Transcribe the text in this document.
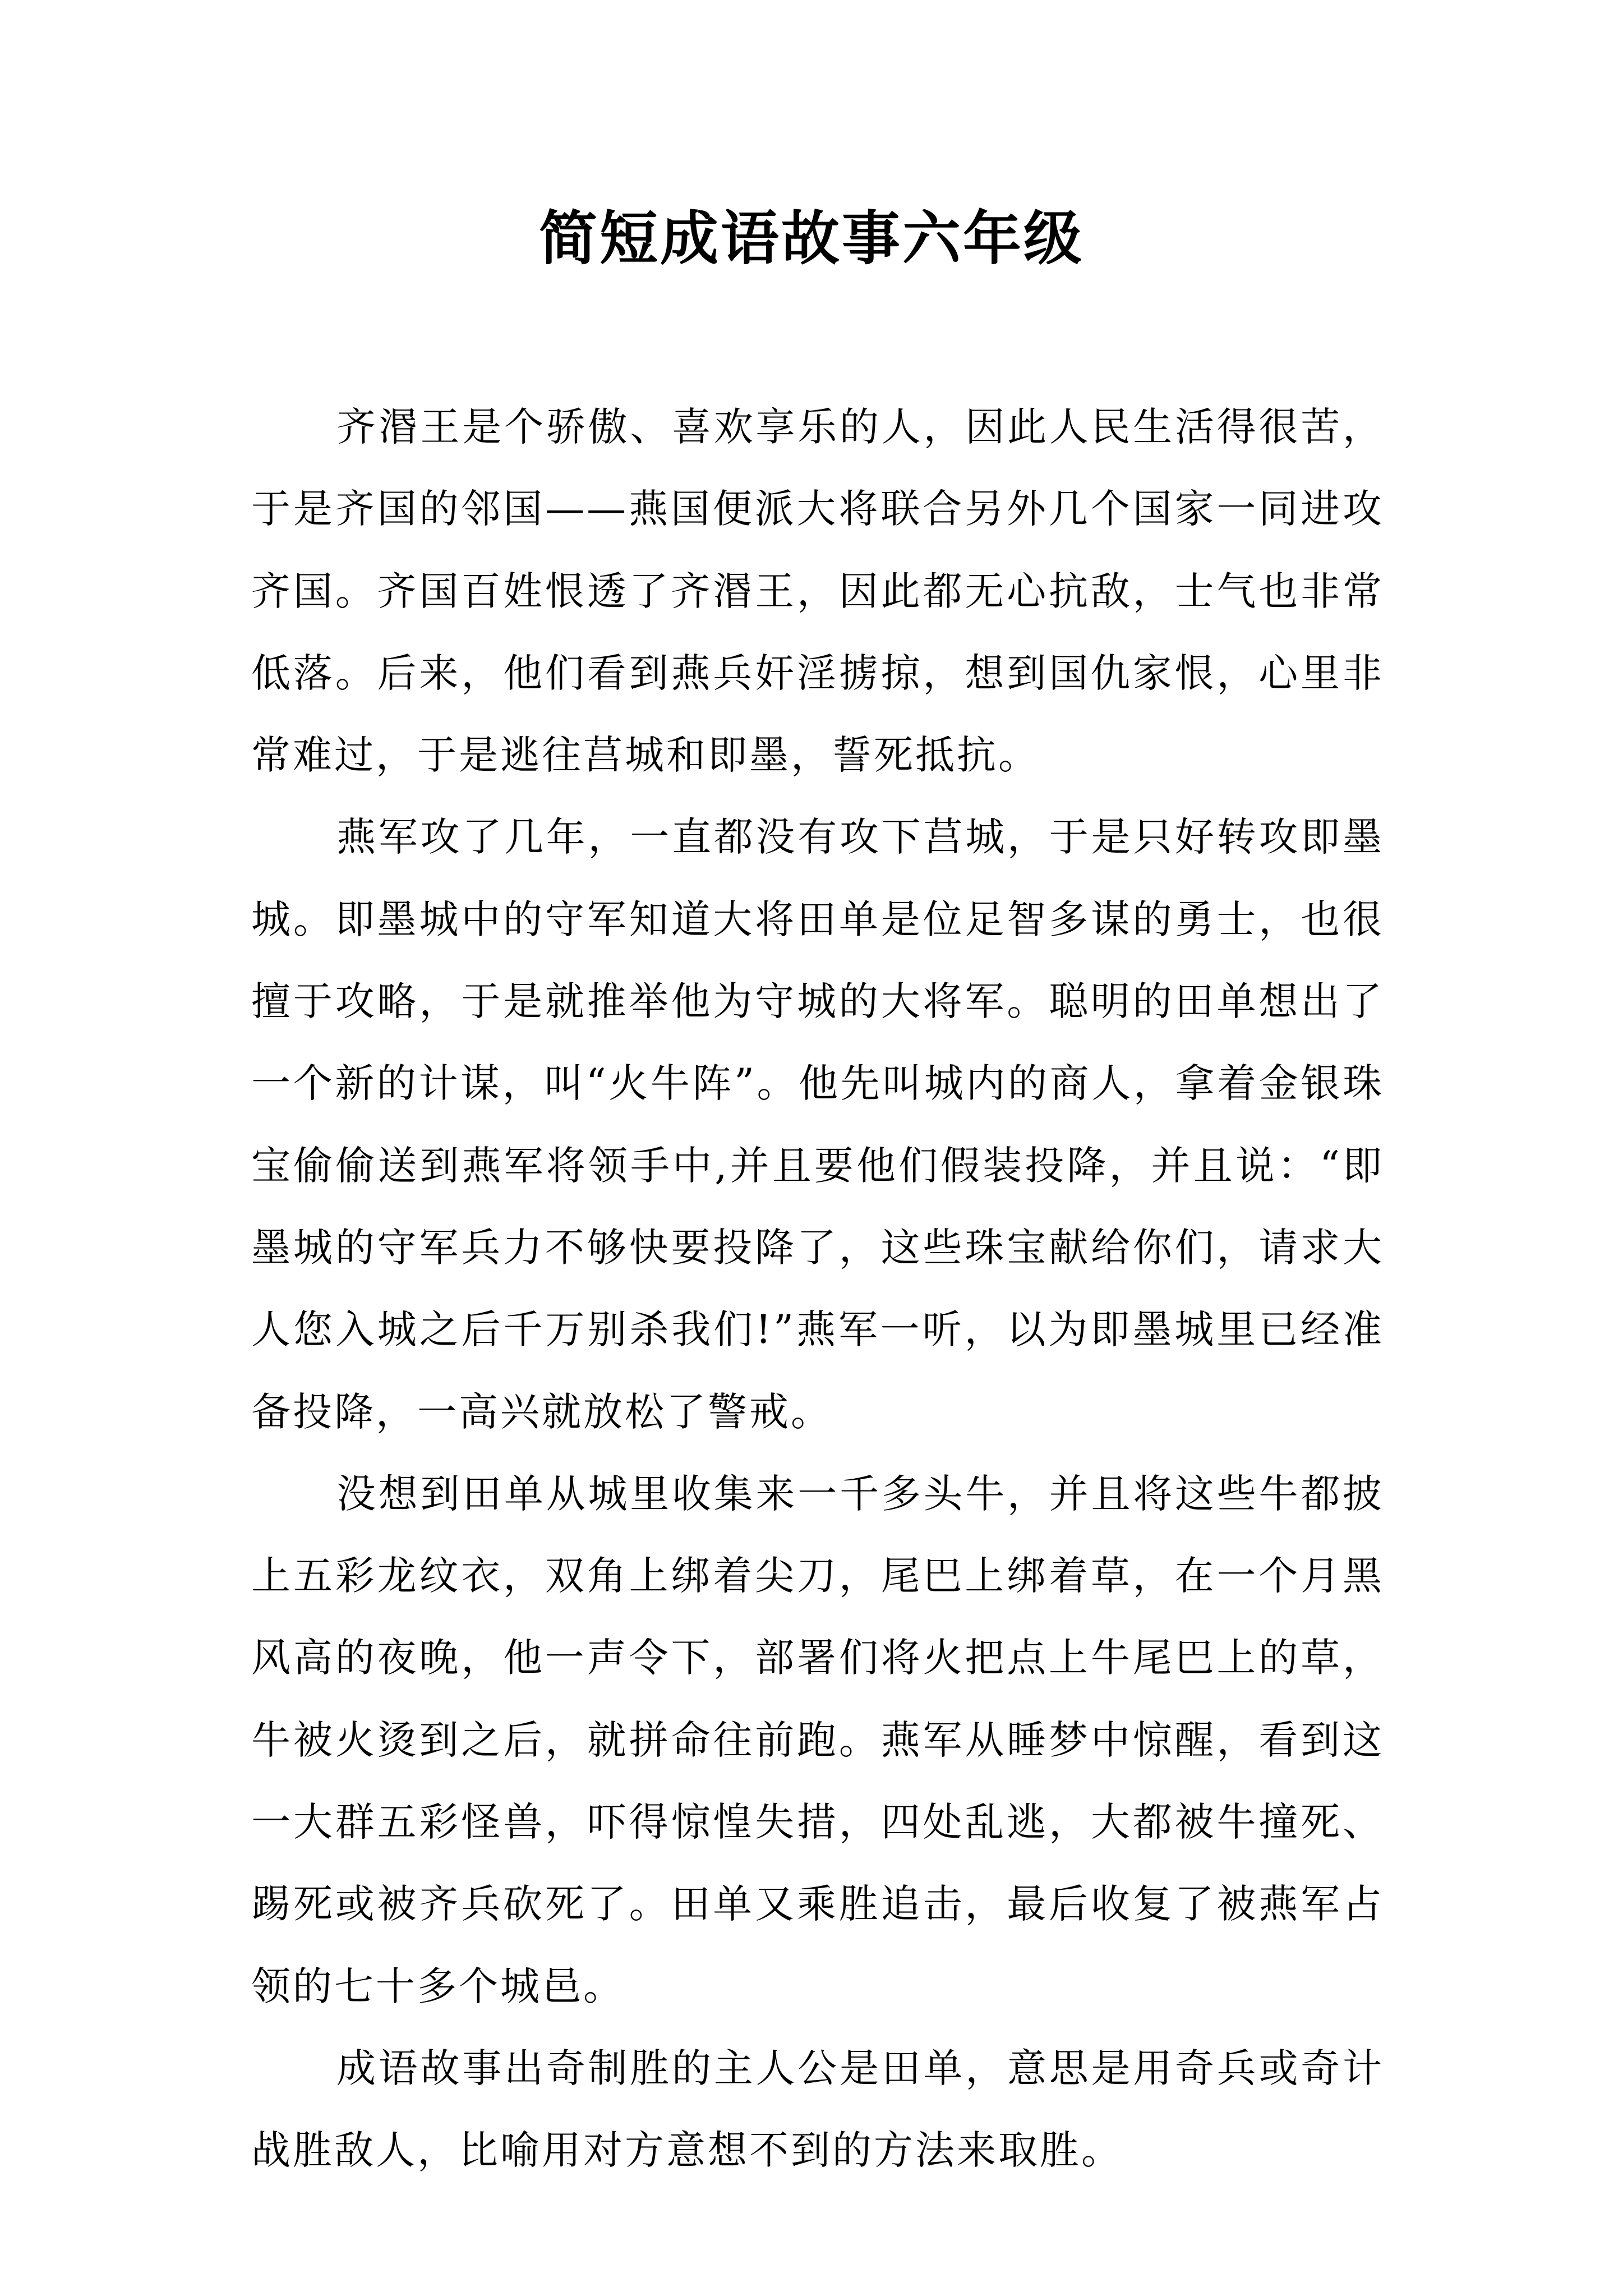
简短成语故事六年级

齐湣王是个骄傲、喜欢享乐的人，因此人民生活得很苦，于是齐国的邻国——燕国便派大将联合另外几个国家一同进攻齐国。齐国百姓恨透了齐湣王，因此都无心抗敌，士气也非常低落。后来，他们看到燕兵奸淫掳掠，想到国仇家恨，心里非常难过，于是逃往莒城和即墨，誓死抵抗。

燕军攻了几年，一直都没有攻下莒城，于是只好转攻即墨城。即墨城中的守军知道大将田单是位足智多谋的勇士，也很擅于攻略，于是就推举他为守城的大将军。聪明的田单想出了一个新的计谋，叫“火牛阵”。他先叫城内的商人，拿着金银珠宝偷偷送到燕军将领手中,并且要他们假装投降，并且说：“即墨城的守军兵力不够快要投降了，这些珠宝献给你们，请求大人您入城之后千万别杀我们!”燕军一听，以为即墨城里已经准备投降，一高兴就放松了警戒。

没想到田单从城里收集来一千多头牛，并且将这些牛都披上五彩龙纹衣，双角上绑着尖刀，尾巴上绑着草，在一个月黑风高的夜晚，他一声令下，部署们将火把点上牛尾巴上的草，牛被火烫到之后，就拼命往前跑。燕军从睡梦中惊醒，看到这一大群五彩怪兽，吓得惊惶失措，四处乱逃，大都被牛撞死、踢死或被齐兵砍死了。田单又乘胜追击，最后收复了被燕军占领的七十多个城邑。

成语故事出奇制胜的主人公是田单，意思是用奇兵或奇计战胜敌人，比喻用对方意想不到的方法来取胜。
